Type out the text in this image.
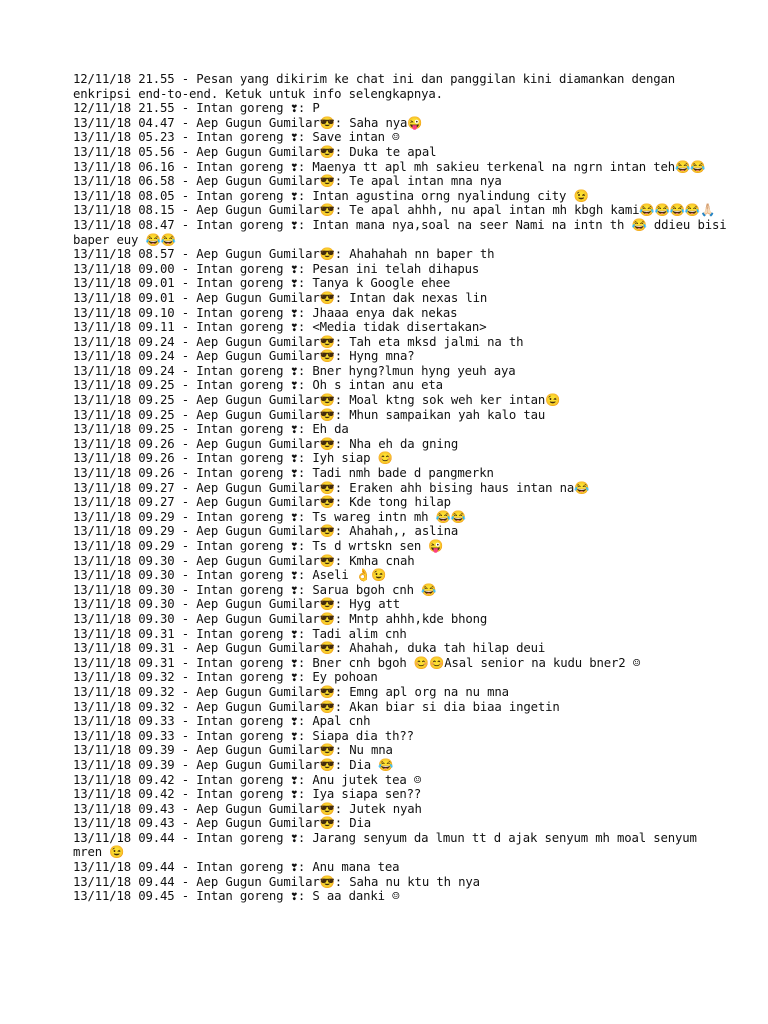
12/11/18 21.55 - Pesan yang dikirim ke chat ini dan panggilan kini diamankan dengan enkripsi end-to-end. Ketuk untuk info selengkapnya.

12/11/18 21.55 - Intan goreng ❣: P

13/11/18 04.47 - Aep Gugun Gumilar😎: Saha nya😜

13/11/18 05.23 - Intan goreng ❣: Save intan ☺

13/11/18 05.56 - Aep Gugun Gumilar😎: Duka te apal

13/11/18 06.16 - Intan goreng ❣: Maenya tt apl mh sakieu terkenal na ngrn intan teh😂😂

13/11/18 06.58 - Aep Gugun Gumilar😎: Te apal intan mna nya

13/11/18 08.05 - Intan goreng ❣: Intan agustina orng nyalindung city 😉

13/11/18 08.15 - Aep Gugun Gumilar😎: Te apal ahhh, nu apal intan mh kbgh kami😂😂😂😂🙏🏻

13/11/18 08.47 - Intan goreng ❣: Intan mana nya,soal na seer Nami na intn th 😂 ddieu bisi baper euy 😂😂

13/11/18 08.57 - Aep Gugun Gumilar😎: Ahahahah nn baper th

13/11/18 09.00 - Intan goreng ❣: Pesan ini telah dihapus

13/11/18 09.01 - Intan goreng ❣: Tanya k Google ehee

13/11/18 09.01 - Aep Gugun Gumilar😎: Intan dak nexas lin

13/11/18 09.10 - Intan goreng ❣: Jhaaa enya dak nekas

13/11/18 09.11 - Intan goreng ❣: <Media tidak disertakan>

13/11/18 09.24 - Aep Gugun Gumilar😎: Tah eta mksd jalmi na th

13/11/18 09.24 - Aep Gugun Gumilar😎: Hyng mna?

13/11/18 09.24 - Intan goreng ❣: Bner hyng?lmun hyng yeuh aya

13/11/18 09.25 - Intan goreng ❣: Oh s intan anu eta

13/11/18 09.25 - Aep Gugun Gumilar😎: Moal ktng sok weh ker intan😉

13/11/18 09.25 - Aep Gugun Gumilar😎: Mhun sampaikan yah kalo tau

13/11/18 09.25 - Intan goreng ❣: Eh da

13/11/18 09.26 - Aep Gugun Gumilar😎: Nha eh da gning

13/11/18 09.26 - Intan goreng ❣: Iyh siap 😊

13/11/18 09.26 - Intan goreng ❣: Tadi nmh bade d pangmerkn

13/11/18 09.27 - Aep Gugun Gumilar😎: Eraken ahh bising haus intan na😂

13/11/18 09.27 - Aep Gugun Gumilar😎: Kde tong hilap

13/11/18 09.29 - Intan goreng ❣: Ts wareg intn mh 😂😂

13/11/18 09.29 - Aep Gugun Gumilar😎: Ahahah,, aslina

13/11/18 09.29 - Intan goreng ❣: Ts d wrtskn sen 😜

13/11/18 09.30 - Aep Gugun Gumilar😎: Kmha cnah

13/11/18 09.30 - Intan goreng ❣: Aseli 👌😉

13/11/18 09.30 - Intan goreng ❣: Sarua bgoh cnh 😂

13/11/18 09.30 - Aep Gugun Gumilar😎: Hyg att

13/11/18 09.30 - Aep Gugun Gumilar😎: Mntp ahhh,kde bhong

13/11/18 09.31 - Intan goreng ❣: Tadi alim cnh

13/11/18 09.31 - Aep Gugun Gumilar😎: Ahahah, duka tah hilap deui

13/11/18 09.31 - Intan goreng ❣: Bner cnh bgoh 😊😊Asal senior na kudu bner2 ☺

13/11/18 09.32 - Intan goreng ❣: Ey pohoan

13/11/18 09.32 - Aep Gugun Gumilar😎: Emng apl org na nu mna

13/11/18 09.32 - Aep Gugun Gumilar😎: Akan biar si dia biaa ingetin

13/11/18 09.33 - Intan goreng ❣: Apal cnh

13/11/18 09.33 - Intan goreng ❣: Siapa dia th??

13/11/18 09.39 - Aep Gugun Gumilar😎: Nu mna

13/11/18 09.39 - Aep Gugun Gumilar😎: Dia 😂

13/11/18 09.42 - Intan goreng ❣: Anu jutek tea ☺

13/11/18 09.42 - Intan goreng ❣: Iya siapa sen??

13/11/18 09.43 - Aep Gugun Gumilar😎: Jutek nyah

13/11/18 09.43 - Aep Gugun Gumilar😎: Dia

13/11/18 09.44 - Intan goreng ❣: Jarang senyum da lmun tt d ajak senyum mh moal senyum mren 😉

13/11/18 09.44 - Intan goreng ❣: Anu mana tea

13/11/18 09.44 - Aep Gugun Gumilar😎: Saha nu ktu th nya

13/11/18 09.45 - Intan goreng ❣: S aa danki ☺
